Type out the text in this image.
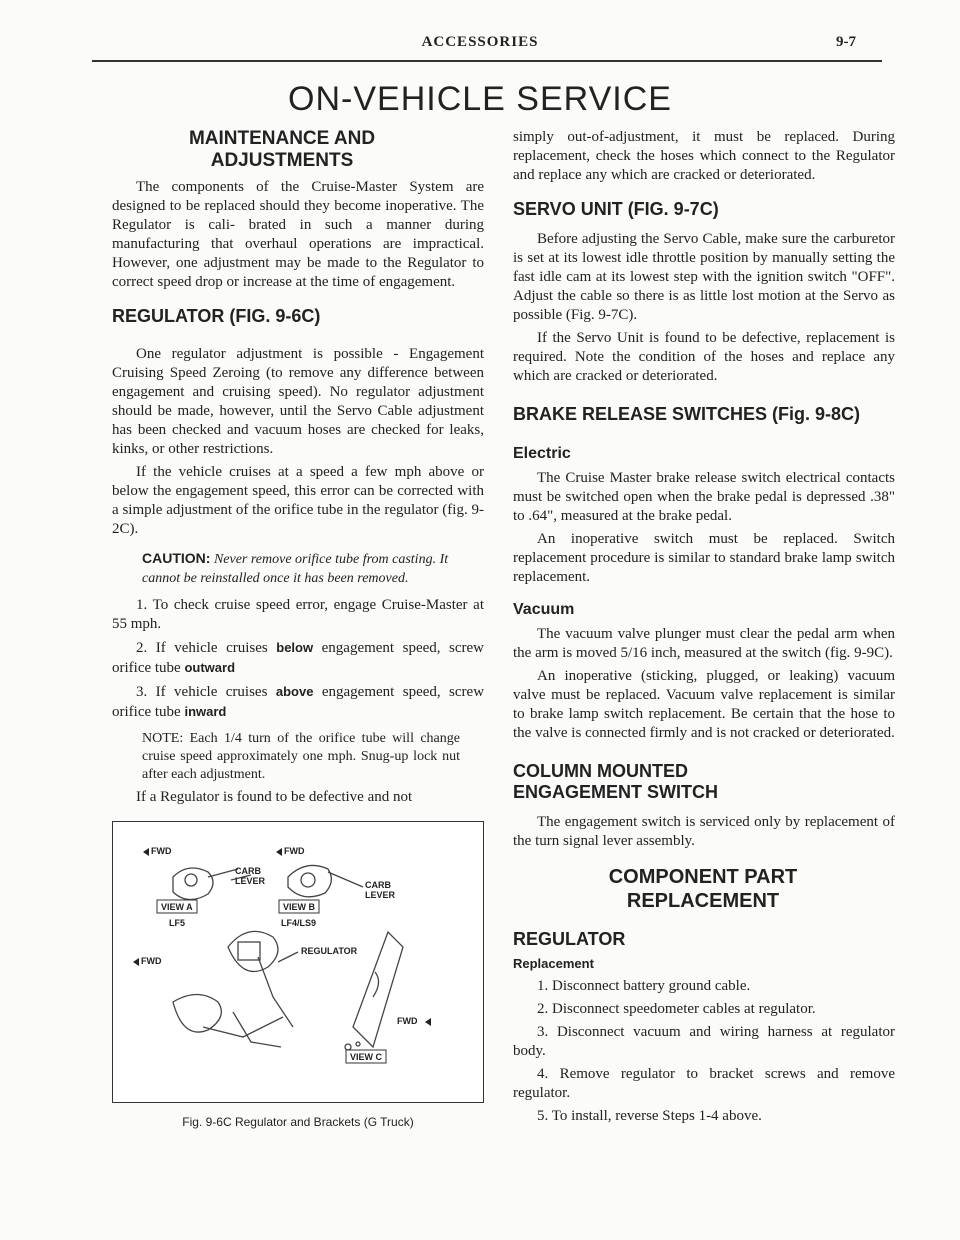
ACCESSORIES	9-7
ON-VEHICLE SERVICE
MAINTENANCE AND ADJUSTMENTS

The components of the Cruise-Master System are designed to be replaced should they become inoperative. The Regulator is cali- brated in such a manner during manufacturing that overhaul operations are impractical. However, one adjustment may be made to the Regulator to correct speed drop or increase at the time of engagement.

REGULATOR (FIG. 9-6C)

One regulator adjustment is possible - Engagement Cruising Speed Zeroing (to remove any difference between engagement and cruising speed). No regulator adjustment should be made, however, until the Servo Cable adjustment has been checked and vacuum hoses are checked for leaks, kinks, or other restrictions.

If the vehicle cruises at a speed a few mph above or below the engagement speed, this error can be corrected with a simple adjustment of the orifice tube in the regulator (fig. 9-2C).

CAUTION: Never remove orifice tube from casting. It cannot be reinstalled once it has been removed.

1. To check cruise speed error, engage Cruise-Master at 55 mph.

2. If vehicle cruises below engagement speed, screw orifice tube outward

3. If vehicle cruises above engagement speed, screw orifice tube inward

NOTE: Each 1/4 turn of the orifice tube will change cruise speed approximately one mph. Snug-up lock nut after each adjustment.

If a Regulator is found to be defective and not

FWD	FWD
FWD
FWD
CARB LEVER	CARB LEVER
VIEW A	VIEW B
VIEW C
LF5	LF4/LS9
REGULATOR
Fig. 9-6C Regulator and Brackets (G Truck)

simply out-of-adjustment, it must be replaced. During replacement, check the hoses which connect to the Regulator and replace any which are cracked or deteriorated.

SERVO UNIT (FIG. 9-7C)

Before adjusting the Servo Cable, make sure the carburetor is set at its lowest idle throttle position by manually setting the fast idle cam at its lowest step with the ignition switch "OFF". Adjust the cable so there is as little lost motion at the Servo as possible (Fig. 9-7C).

If the Servo Unit is found to be defective, replacement is required. Note the condition of the hoses and replace any which are cracked or deteriorated.

BRAKE RELEASE SWITCHES (Fig. 9-8C)
Electric

The Cruise Master brake release switch electrical contacts must be switched open when the brake pedal is depressed .38" to .64", measured at the brake pedal.

An inoperative switch must be replaced. Switch replacement procedure is similar to standard brake lamp switch replacement.

Vacuum

The vacuum valve plunger must clear the pedal arm when the arm is moved 5/16 inch, measured at the switch (fig. 9-9C).

An inoperative (sticking, plugged, or leaking) vacuum valve must be replaced. Vacuum valve replacement is similar to brake lamp switch replacement. Be certain that the hose to the valve is connected firmly and is not cracked or deteriorated.

COLUMN MOUNTED ENGAGEMENT SWITCH

The engagement switch is serviced only by replacement of the turn signal lever assembly.

COMPONENT PART REPLACEMENT
REGULATOR
Replacement

1. Disconnect battery ground cable.

2. Disconnect speedometer cables at regulator.

3. Disconnect vacuum and wiring harness at regulator body.

4. Remove regulator to bracket screws and remove regulator.

5. To install, reverse Steps 1-4 above.
